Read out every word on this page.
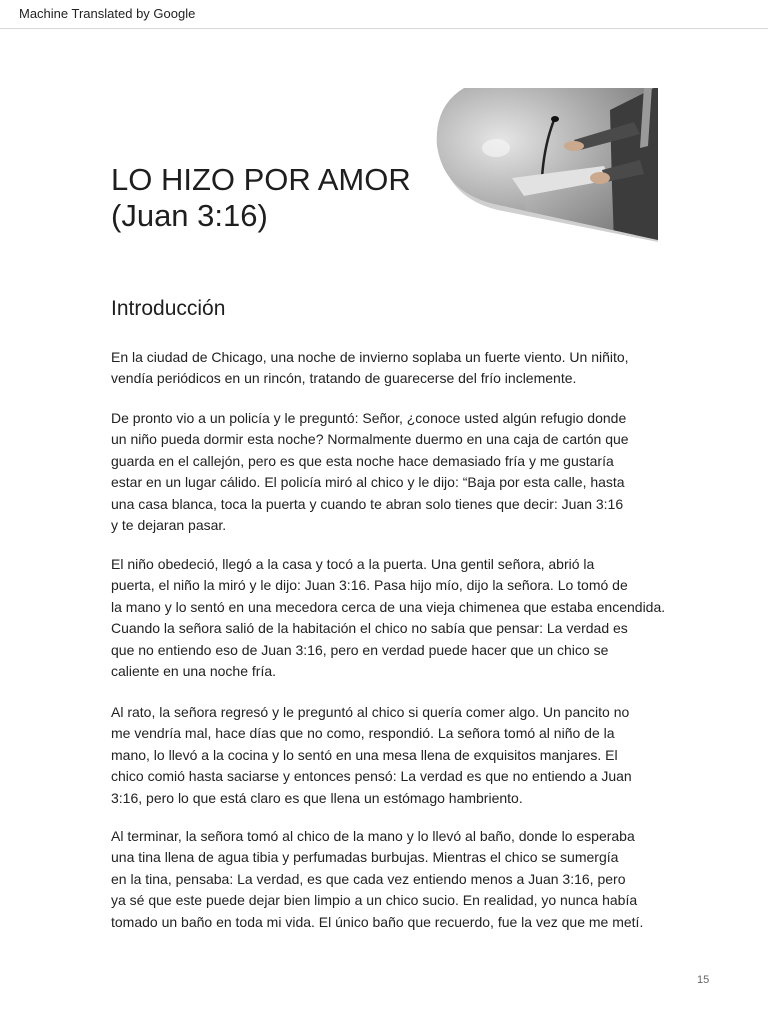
Machine Translated by Google
LO HIZO POR AMOR
(Juan 3:16)
Introducción

En la ciudad de Chicago, una noche de invierno soplaba un fuerte viento. Un niñito,
vendía periódicos en un rincón, tratando de guarecerse del frío inclemente.

De pronto vio a un policía y le preguntó: Señor, ¿conoce usted algún refugio donde
un niño pueda dormir esta noche? Normalmente duermo en una caja de cartón que
guarda en el callejón, pero es que esta noche hace demasiado fría y me gustaría
estar en un lugar cálido. El policía miró al chico y le dijo: “Baja por esta calle, hasta
una casa blanca, toca la puerta y cuando te abran solo tienes que decir: Juan 3:16
y te dejaran pasar.

El niño obedeció, llegó a la casa y tocó a la puerta. Una gentil señora, abrió la
puerta, el niño la miró y le dijo: Juan 3:16. Pasa hijo mío, dijo la señora. Lo tomó de
la mano y lo sentó en una mecedora cerca de una vieja chimenea que estaba encendida.
Cuando la señora salió de la habitación el chico no sabía que pensar: La verdad es
que no entiendo eso de Juan 3:16, pero en verdad puede hacer que un chico se
caliente en una noche fría.

Al rato, la señora regresó y le preguntó al chico si quería comer algo. Un pancito no
me vendría mal, hace días que no como, respondió. La señora tomó al niño de la
mano, lo llevó a la cocina y lo sentó en una mesa llena de exquisitos manjares. El
chico comió hasta saciarse y entonces pensó: La verdad es que no entiendo a Juan
3:16, pero lo que está claro es que llena un estómago hambriento.

Al terminar, la señora tomó al chico de la mano y lo llevó al baño, donde lo esperaba
una tina llena de agua tibia y perfumadas burbujas. Mientras el chico se sumergía
en la tina, pensaba: La verdad, es que cada vez entiendo menos a Juan 3:16, pero
ya sé que este puede dejar bien limpio a un chico sucio. En realidad, yo nunca había
tomado un baño en toda mi vida. El único baño que recuerdo, fue la vez que me metí.

15
